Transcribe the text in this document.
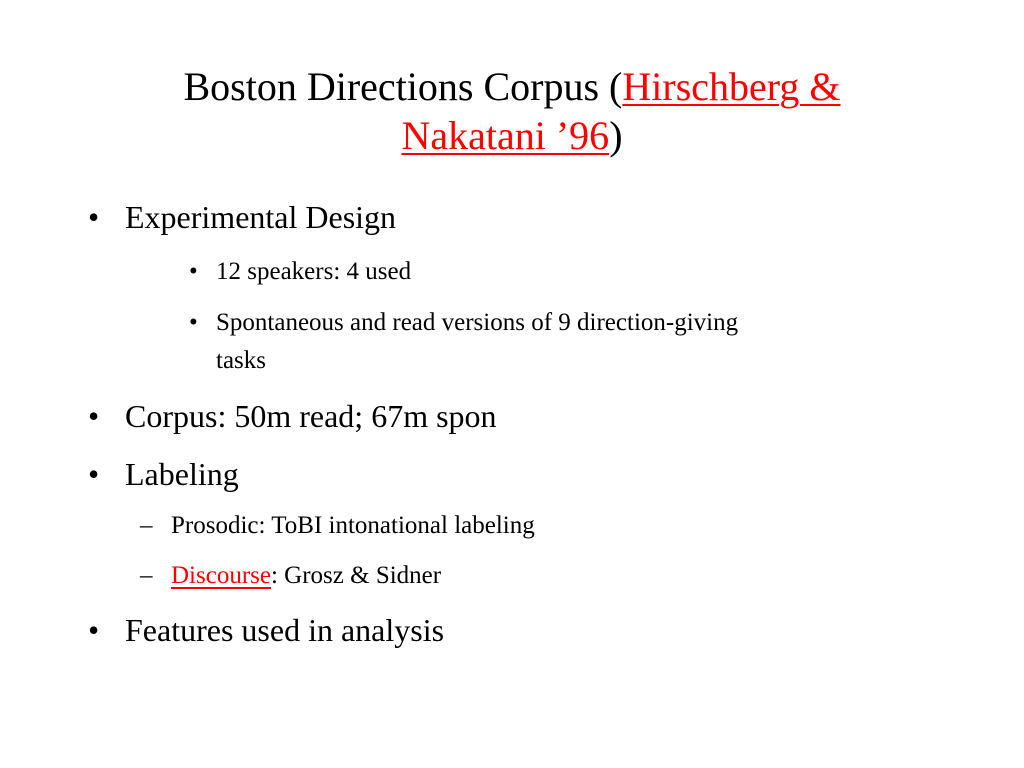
Boston Directions Corpus (Hirschberg &
Nakatani ’96)
• Experimental Design
• 12 speakers: 4 used
• Spontaneous and read versions of 9 direction-giving
tasks
• Corpus: 50m read; 67m spon
• Labeling
– Prosodic: ToBI intonational labeling
– Discourse: Grosz & Sidner
• Features used in analysis
